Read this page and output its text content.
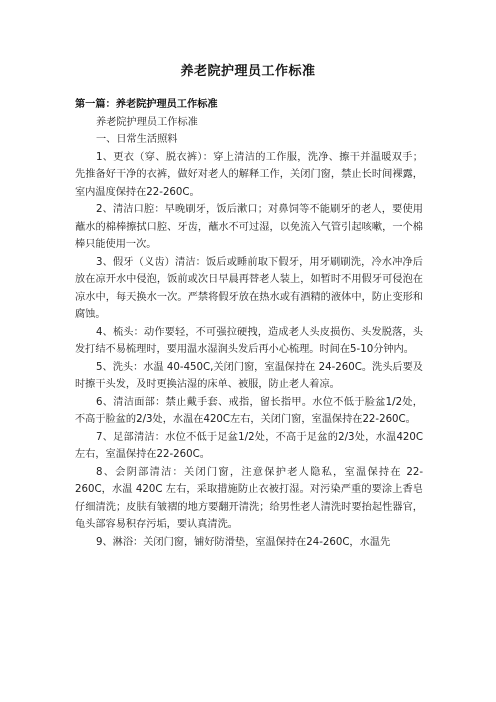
养老院护理员工作标准

第一篇：养老院护理员工作标准

养老院护理员工作标准

一、日常生活照料

1、更衣（穿、脱衣裤）：穿上清洁的工作服，洗净、擦干并温暖双手；先推备好干净的衣裤，做好对老人的解释工作，关闭门窗，禁止长时间裸露，室内温度保持在22-260C。

2、清洁口腔：早晚刷牙，饭后漱口；对鼻饲等不能刷牙的老人，要使用蘸水的棉棒擦拭口腔、牙齿，蘸水不可过湿，以免流入气管引起咳嗽，一个棉棒只能使用一次。

3、假牙（义齿）清洁：饭后或睡前取下假牙，用牙刷刷洗，冷水冲净后放在凉开水中侵泡，饭前或次日早晨再替老人装上，如暂时不用假牙可侵泡在凉水中，每天换水一次。严禁将假牙放在热水或有酒精的液体中，防止变形和腐蚀。

4、梳头：动作要轻，不可强拉硬拽，造成老人头皮损伤、头发脱落，头发打结不易梳理时，要用温水湿润头发后再小心梳理。时间在5-10分钟内。

5、洗头：水温 40-450C,关闭门窗，室温保持在 24-260C。洗头后要及时擦干头发，及时更换沾湿的床单、被服，防止老人着凉。

6、清洁面部：禁止戴手套、戒指，留长指甲。水位不低于脸盆1/2处，不高于脸盆的2/3处，水温在420C左右，关闭门窗，室温保持在22-260C。

7、足部清洁：水位不低于足盆1/2处，不高于足盆的2/3处，水温420C左右，室温保持在22-260C。

8、会阴部清洁：关闭门窗，注意保护老人隐私，室温保持在 22-260C，水温 420C 左右，采取措施防止衣被打湿。对污染严重的要涂上香皂仔细清洗；皮肤有皱褶的地方要翻开清洗；给男性老人清洗时要抬起性器官，龟头部容易积存污垢，要认真清洗。

9、淋浴：关闭门窗，铺好防滑垫，室温保持在24-260C，水温先
